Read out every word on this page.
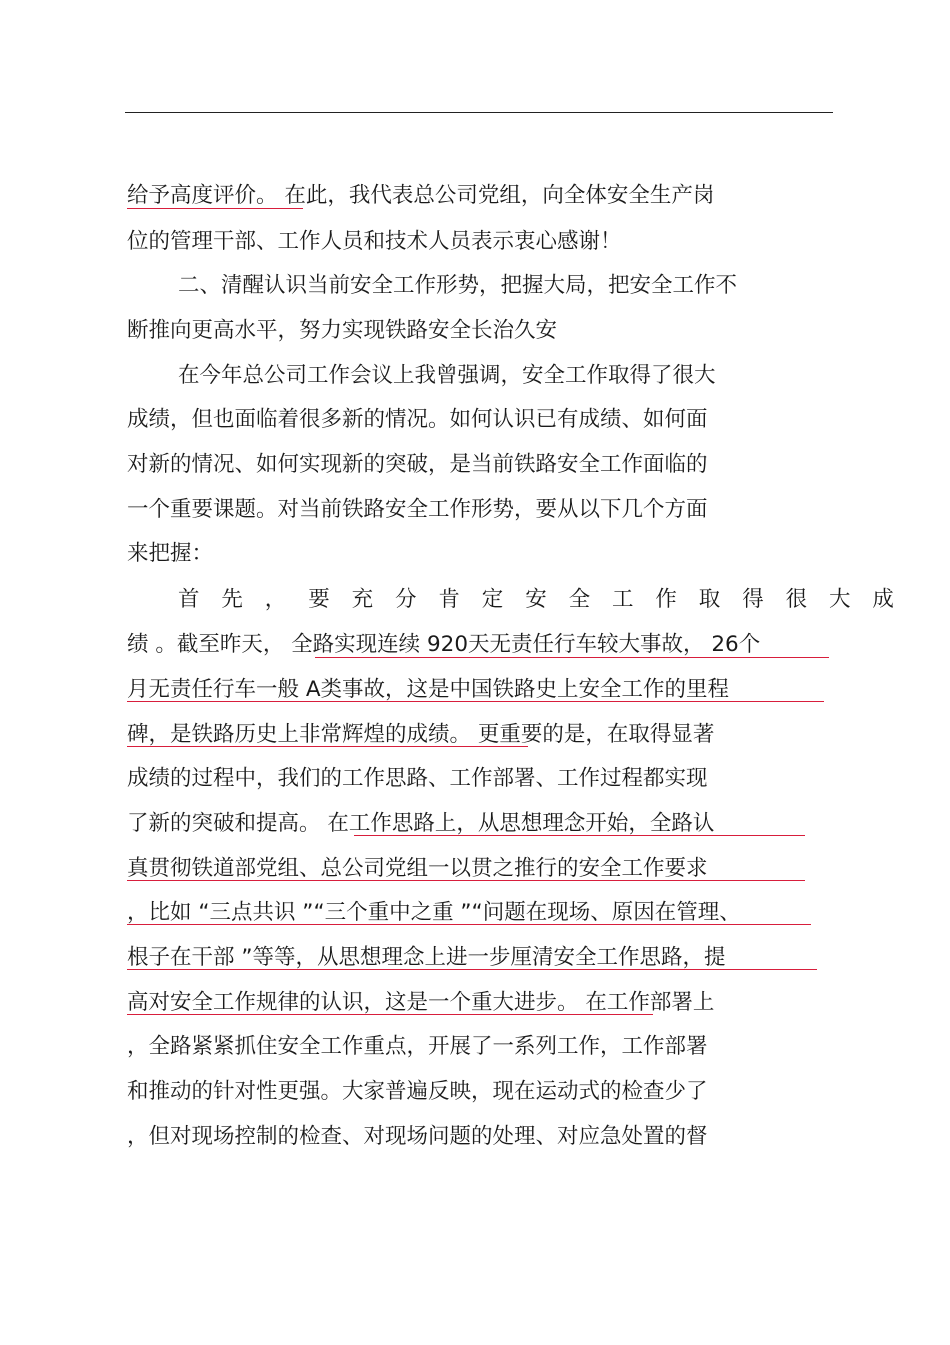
给予高度评价。 在此，我代表总公司党组，向全体安全生产岗
位的管理干部、工作人员和技术人员表示衷心感谢！
二、清醒认识当前安全工作形势，把握大局，把安全工作不
断推向更高水平，努力实现铁路安全长治久安
在今年总公司工作会议上我曾强调，安全工作取得了很大
成绩，但也面临着很多新的情况。如何认识已有成绩、如何面
对新的情况、如何实现新的突破，是当前铁路安全工作面临的
一个重要课题。对当前铁路安全工作形势，要从以下几个方面
来把握：
首先，要充分肯定安全工作取得很大成
绩 。截至昨天， 全路实现连续 920天无责任行车较大事故， 26个
月无责任行车一般 A类事故，这是中国铁路史上安全工作的里程
碑，是铁路历史上非常辉煌的成绩。 更重要的是，在取得显著
成绩的过程中，我们的工作思路、工作部署、工作过程都实现
了新的突破和提高。 在工作思路上，从思想理念开始，全路认
真贯彻铁道部党组、总公司党组一以贯之推行的安全工作要求
，比如 “三点共识 ”“三个重中之重 ”“问题在现场、原因在管理、
根子在干部 ”等等，从思想理念上进一步厘清安全工作思路，提
高对安全工作规律的认识，这是一个重大进步。 在工作部署上
，全路紧紧抓住安全工作重点，开展了一系列工作，工作部署
和推动的针对性更强。大家普遍反映，现在运动式的检查少了
，但对现场控制的检查、对现场问题的处理、对应急处置的督
